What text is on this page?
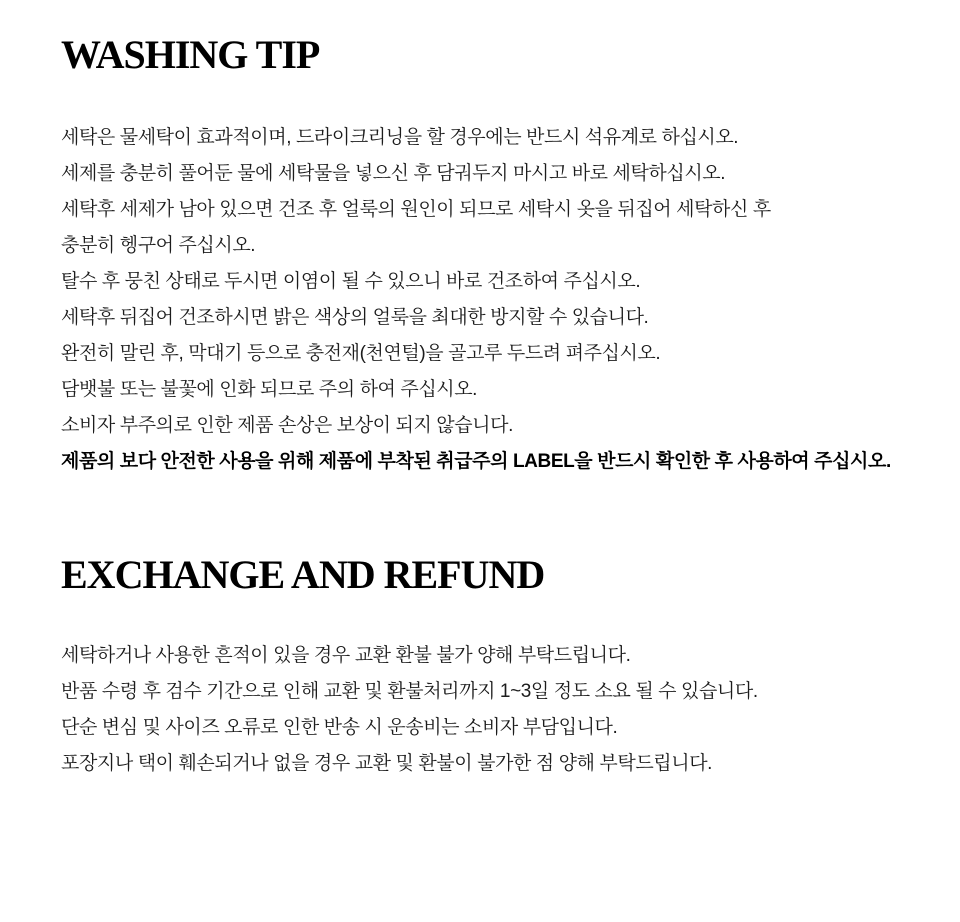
WASHING TIP
세탁은 물세탁이 효과적이며, 드라이크리닝을 할 경우에는 반드시 석유계로 하십시오.
세제를 충분히 풀어둔 물에 세탁물을 넣으신 후 담궈두지 마시고 바로 세탁하십시오.
세탁후 세제가 남아 있으면 건조 후 얼룩의 원인이 되므로 세탁시 옷을 뒤집어 세탁하신 후
충분히 헹구어 주십시오.
탈수 후 뭉친 상태로 두시면 이염이 될 수 있으니 바로 건조하여 주십시오.
세탁후 뒤집어 건조하시면 밝은 색상의 얼룩을 최대한 방지할 수 있습니다.
완전히 말린 후, 막대기 등으로 충전재(천연털)을 골고루 두드려 펴주십시오.
담뱃불 또는 불꽃에 인화 되므로 주의 하여 주십시오.
소비자 부주의로 인한 제품 손상은 보상이 되지 않습니다.
제품의 보다 안전한 사용을 위해 제품에 부착된 취급주의 LABEL을 반드시 확인한 후 사용하여 주십시오.
EXCHANGE AND REFUND
세탁하거나 사용한 흔적이 있을 경우 교환 환불 불가 양해 부탁드립니다.
반품 수령 후 검수 기간으로 인해 교환 및 환불처리까지 1~3일 정도 소요 될 수 있습니다.
단순 변심 및 사이즈 오류로 인한 반송 시 운송비는 소비자 부담입니다.
포장지나 택이 훼손되거나 없을 경우 교환 및 환불이 불가한 점 양해 부탁드립니다.
